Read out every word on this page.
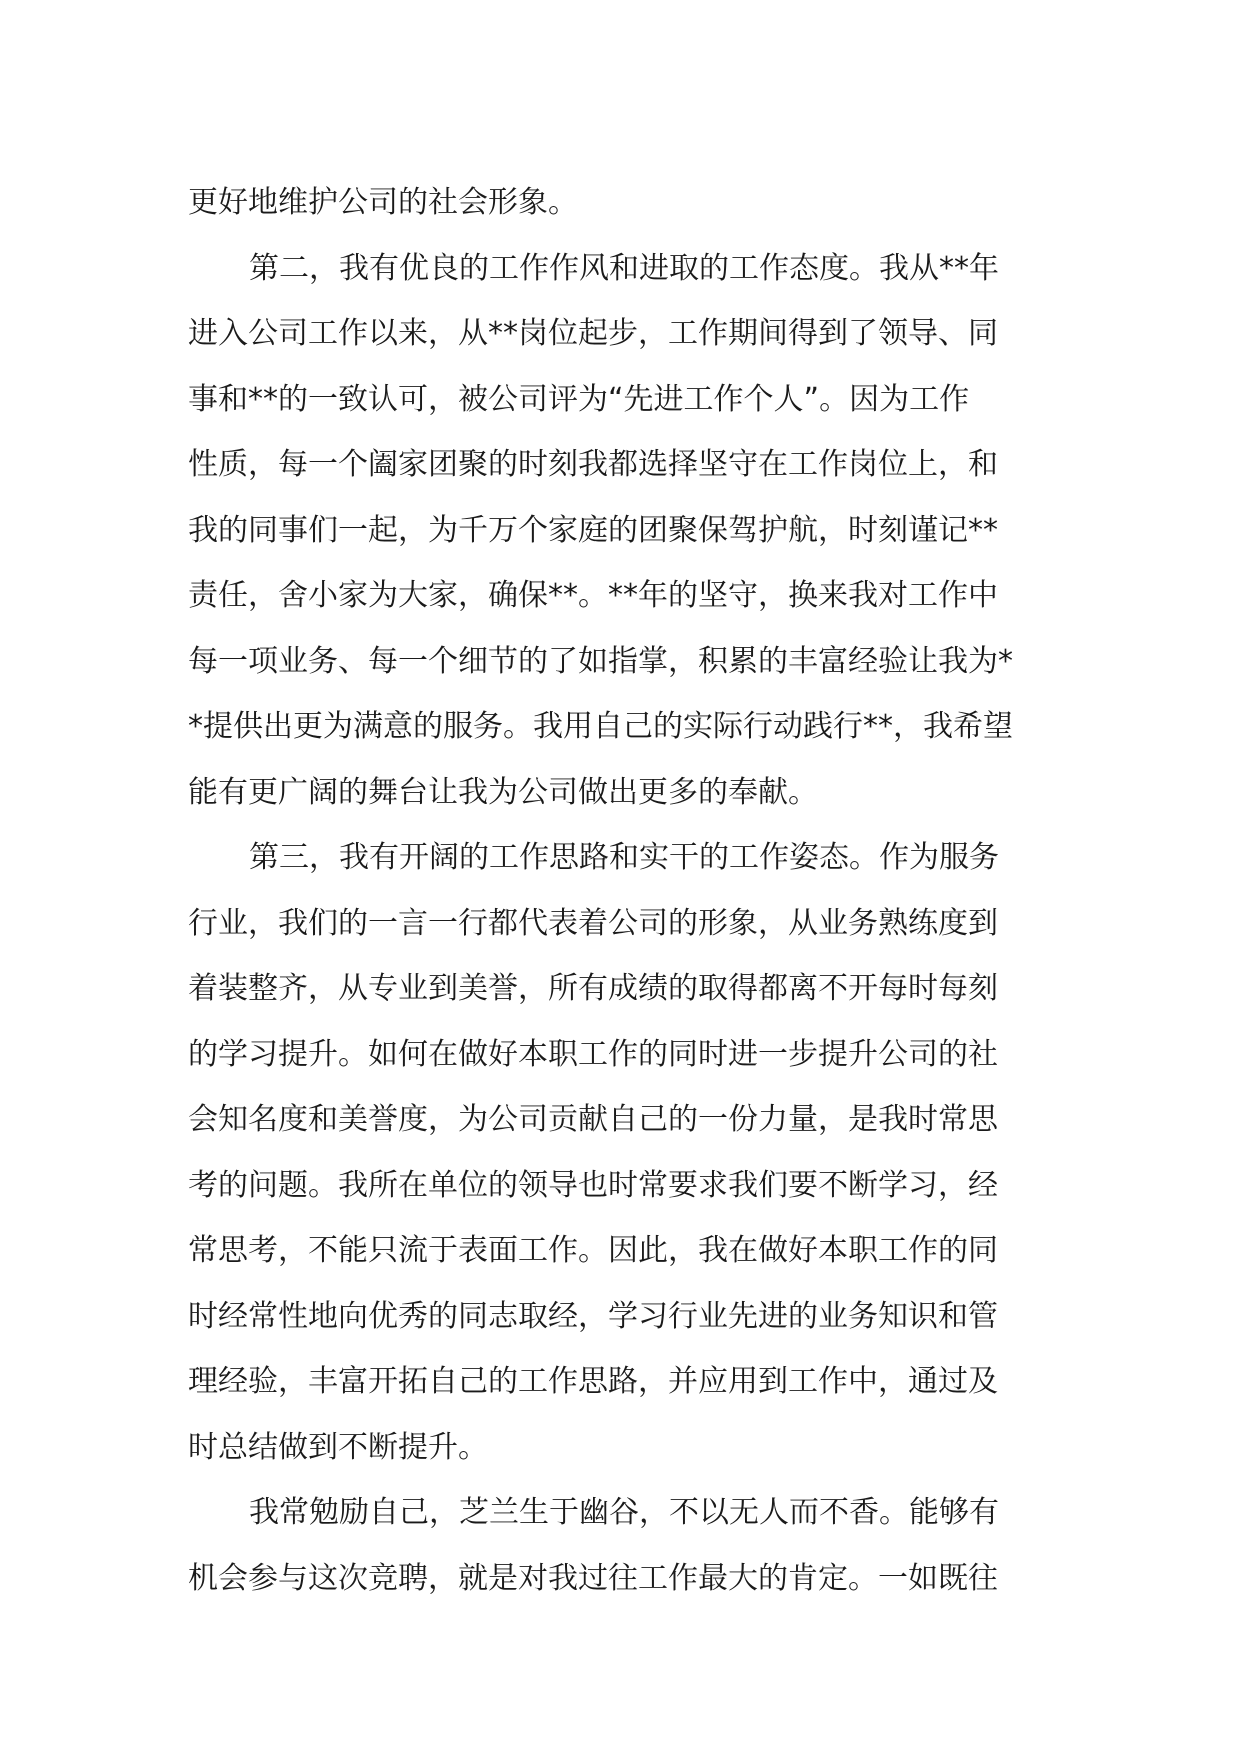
更好地维护公司的社会形象。
第二，我有优良的工作作风和进取的工作态度。我从**年
进入公司工作以来，从**岗位起步，工作期间得到了领导、同
事和**的一致认可，被公司评为“先进工作个人”。因为工作
性质，每一个阖家团聚的时刻我都选择坚守在工作岗位上，和
我的同事们一起，为千万个家庭的团聚保驾护航，时刻谨记**
责任，舍小家为大家，确保**。**年的坚守，换来我对工作中
每一项业务、每一个细节的了如指掌，积累的丰富经验让我为*
*提供出更为满意的服务。我用自己的实际行动践行**，我希望
能有更广阔的舞台让我为公司做出更多的奉献。
第三，我有开阔的工作思路和实干的工作姿态。作为服务
行业，我们的一言一行都代表着公司的形象，从业务熟练度到
着装整齐，从专业到美誉，所有成绩的取得都离不开每时每刻
的学习提升。如何在做好本职工作的同时进一步提升公司的社
会知名度和美誉度，为公司贡献自己的一份力量，是我时常思
考的问题。我所在单位的领导也时常要求我们要不断学习，经
常思考，不能只流于表面工作。因此，我在做好本职工作的同
时经常性地向优秀的同志取经，学习行业先进的业务知识和管
理经验，丰富开拓自己的工作思路，并应用到工作中，通过及
时总结做到不断提升。
我常勉励自己，芝兰生于幽谷，不以无人而不香。能够有
机会参与这次竞聘，就是对我过往工作最大的肯定。一如既往
